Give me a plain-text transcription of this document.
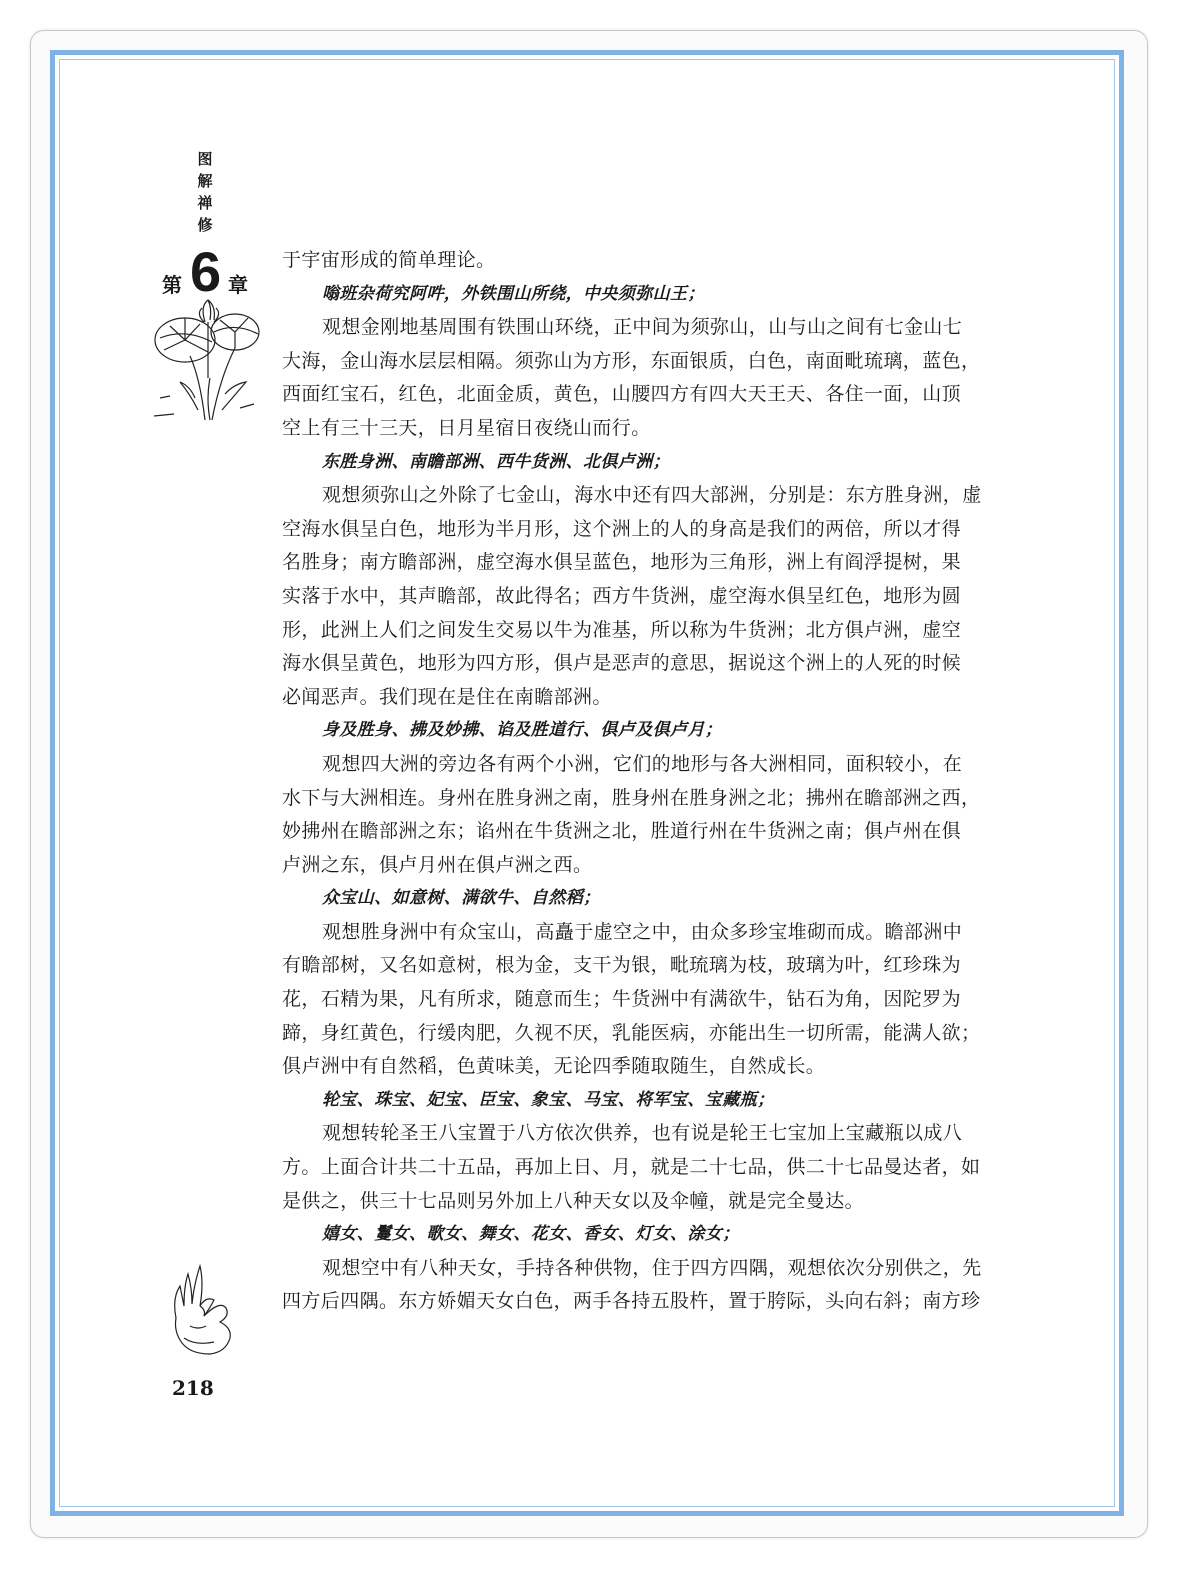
图
解
禅
修
第 6 章
218
于宇宙形成的简单理论。
嗡班杂荷究阿吽，外铁围山所绕，中央须弥山王；
观想金刚地基周围有铁围山环绕，正中间为须弥山，山与山之间有七金山七
大海，金山海水层层相隔。须弥山为方形，东面银质，白色，南面毗琉璃，蓝色，
西面红宝石，红色，北面金质，黄色，山腰四方有四大天王天、各住一面，山顶
空上有三十三天，日月星宿日夜绕山而行。
东胜身洲、南瞻部洲、西牛货洲、北俱卢洲；
观想须弥山之外除了七金山，海水中还有四大部洲，分别是：东方胜身洲，虚
空海水俱呈白色，地形为半月形，这个洲上的人的身高是我们的两倍，所以才得
名胜身；南方瞻部洲，虚空海水俱呈蓝色，地形为三角形，洲上有阎浮提树，果
实落于水中，其声瞻部，故此得名；西方牛货洲，虚空海水俱呈红色，地形为圆
形，此洲上人们之间发生交易以牛为准基，所以称为牛货洲；北方俱卢洲，虚空
海水俱呈黄色，地形为四方形，俱卢是恶声的意思，据说这个洲上的人死的时候
必闻恶声。我们现在是住在南瞻部洲。
身及胜身、拂及妙拂、谄及胜道行、俱卢及俱卢月；
观想四大洲的旁边各有两个小洲，它们的地形与各大洲相同，面积较小，在
水下与大洲相连。身州在胜身洲之南，胜身州在胜身洲之北；拂州在瞻部洲之西，
妙拂州在瞻部洲之东；谄州在牛货洲之北，胜道行州在牛货洲之南；俱卢州在俱
卢洲之东，俱卢月州在俱卢洲之西。
众宝山、如意树、满欲牛、自然稻；
观想胜身洲中有众宝山，高矗于虚空之中，由众多珍宝堆砌而成。瞻部洲中
有瞻部树，又名如意树，根为金，支干为银，毗琉璃为枝，玻璃为叶，红珍珠为
花，石精为果，凡有所求，随意而生；牛货洲中有满欲牛，钻石为角，因陀罗为
蹄，身红黄色，行缓肉肥，久视不厌，乳能医病，亦能出生一切所需，能满人欲；
俱卢洲中有自然稻，色黄味美，无论四季随取随生，自然成长。
轮宝、珠宝、妃宝、臣宝、象宝、马宝、将军宝、宝藏瓶；
观想转轮圣王八宝置于八方依次供养，也有说是轮王七宝加上宝藏瓶以成八
方。上面合计共二十五品，再加上日、月，就是二十七品，供二十七品曼达者，如
是供之，供三十七品则另外加上八种天女以及伞幢，就是完全曼达。
嬉女、鬘女、歌女、舞女、花女、香女、灯女、涂女；
观想空中有八种天女，手持各种供物，住于四方四隅，观想依次分别供之，先
四方后四隅。东方娇媚天女白色，两手各持五股杵，置于胯际，头向右斜；南方珍
